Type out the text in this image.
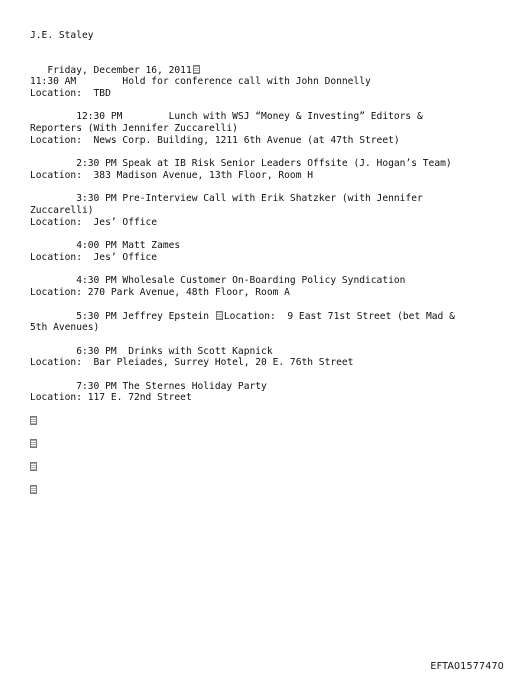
J.E. Staley
Friday, December 16, 2011
11:30 AM        Hold for conference call with John Donnelly
Location:  TBD
12:30 PM        Lunch with WSJ “Money & Investing” Editors &
Reporters (With Jennifer Zuccarelli)
Location:  News Corp. Building, 1211 6th Avenue (at 47th Street)
2:30 PM Speak at IB Risk Senior Leaders Offsite (J. Hogan’s Team)
Location:  383 Madison Avenue, 13th Floor, Room H
3:30 PM Pre-Interview Call with Erik Shatzker (with Jennifer
Zuccarelli)
Location:  Jes’ Office
4:00 PM Matt Zames
Location:  Jes’ Office
4:30 PM Wholesale Customer On-Boarding Policy Syndication
Location: 270 Park Avenue, 48th Floor, Room A
5:30 PM Jeffrey Epstein Location:  9 East 71st Street (bet Mad &
5th Avenues)
6:30 PM  Drinks with Scott Kapnick
Location:  Bar Pleiades, Surrey Hotel, 20 E. 76th Street
7:30 PM The Sternes Holiday Party
Location: 117 E. 72nd Street
EFTA01577470
